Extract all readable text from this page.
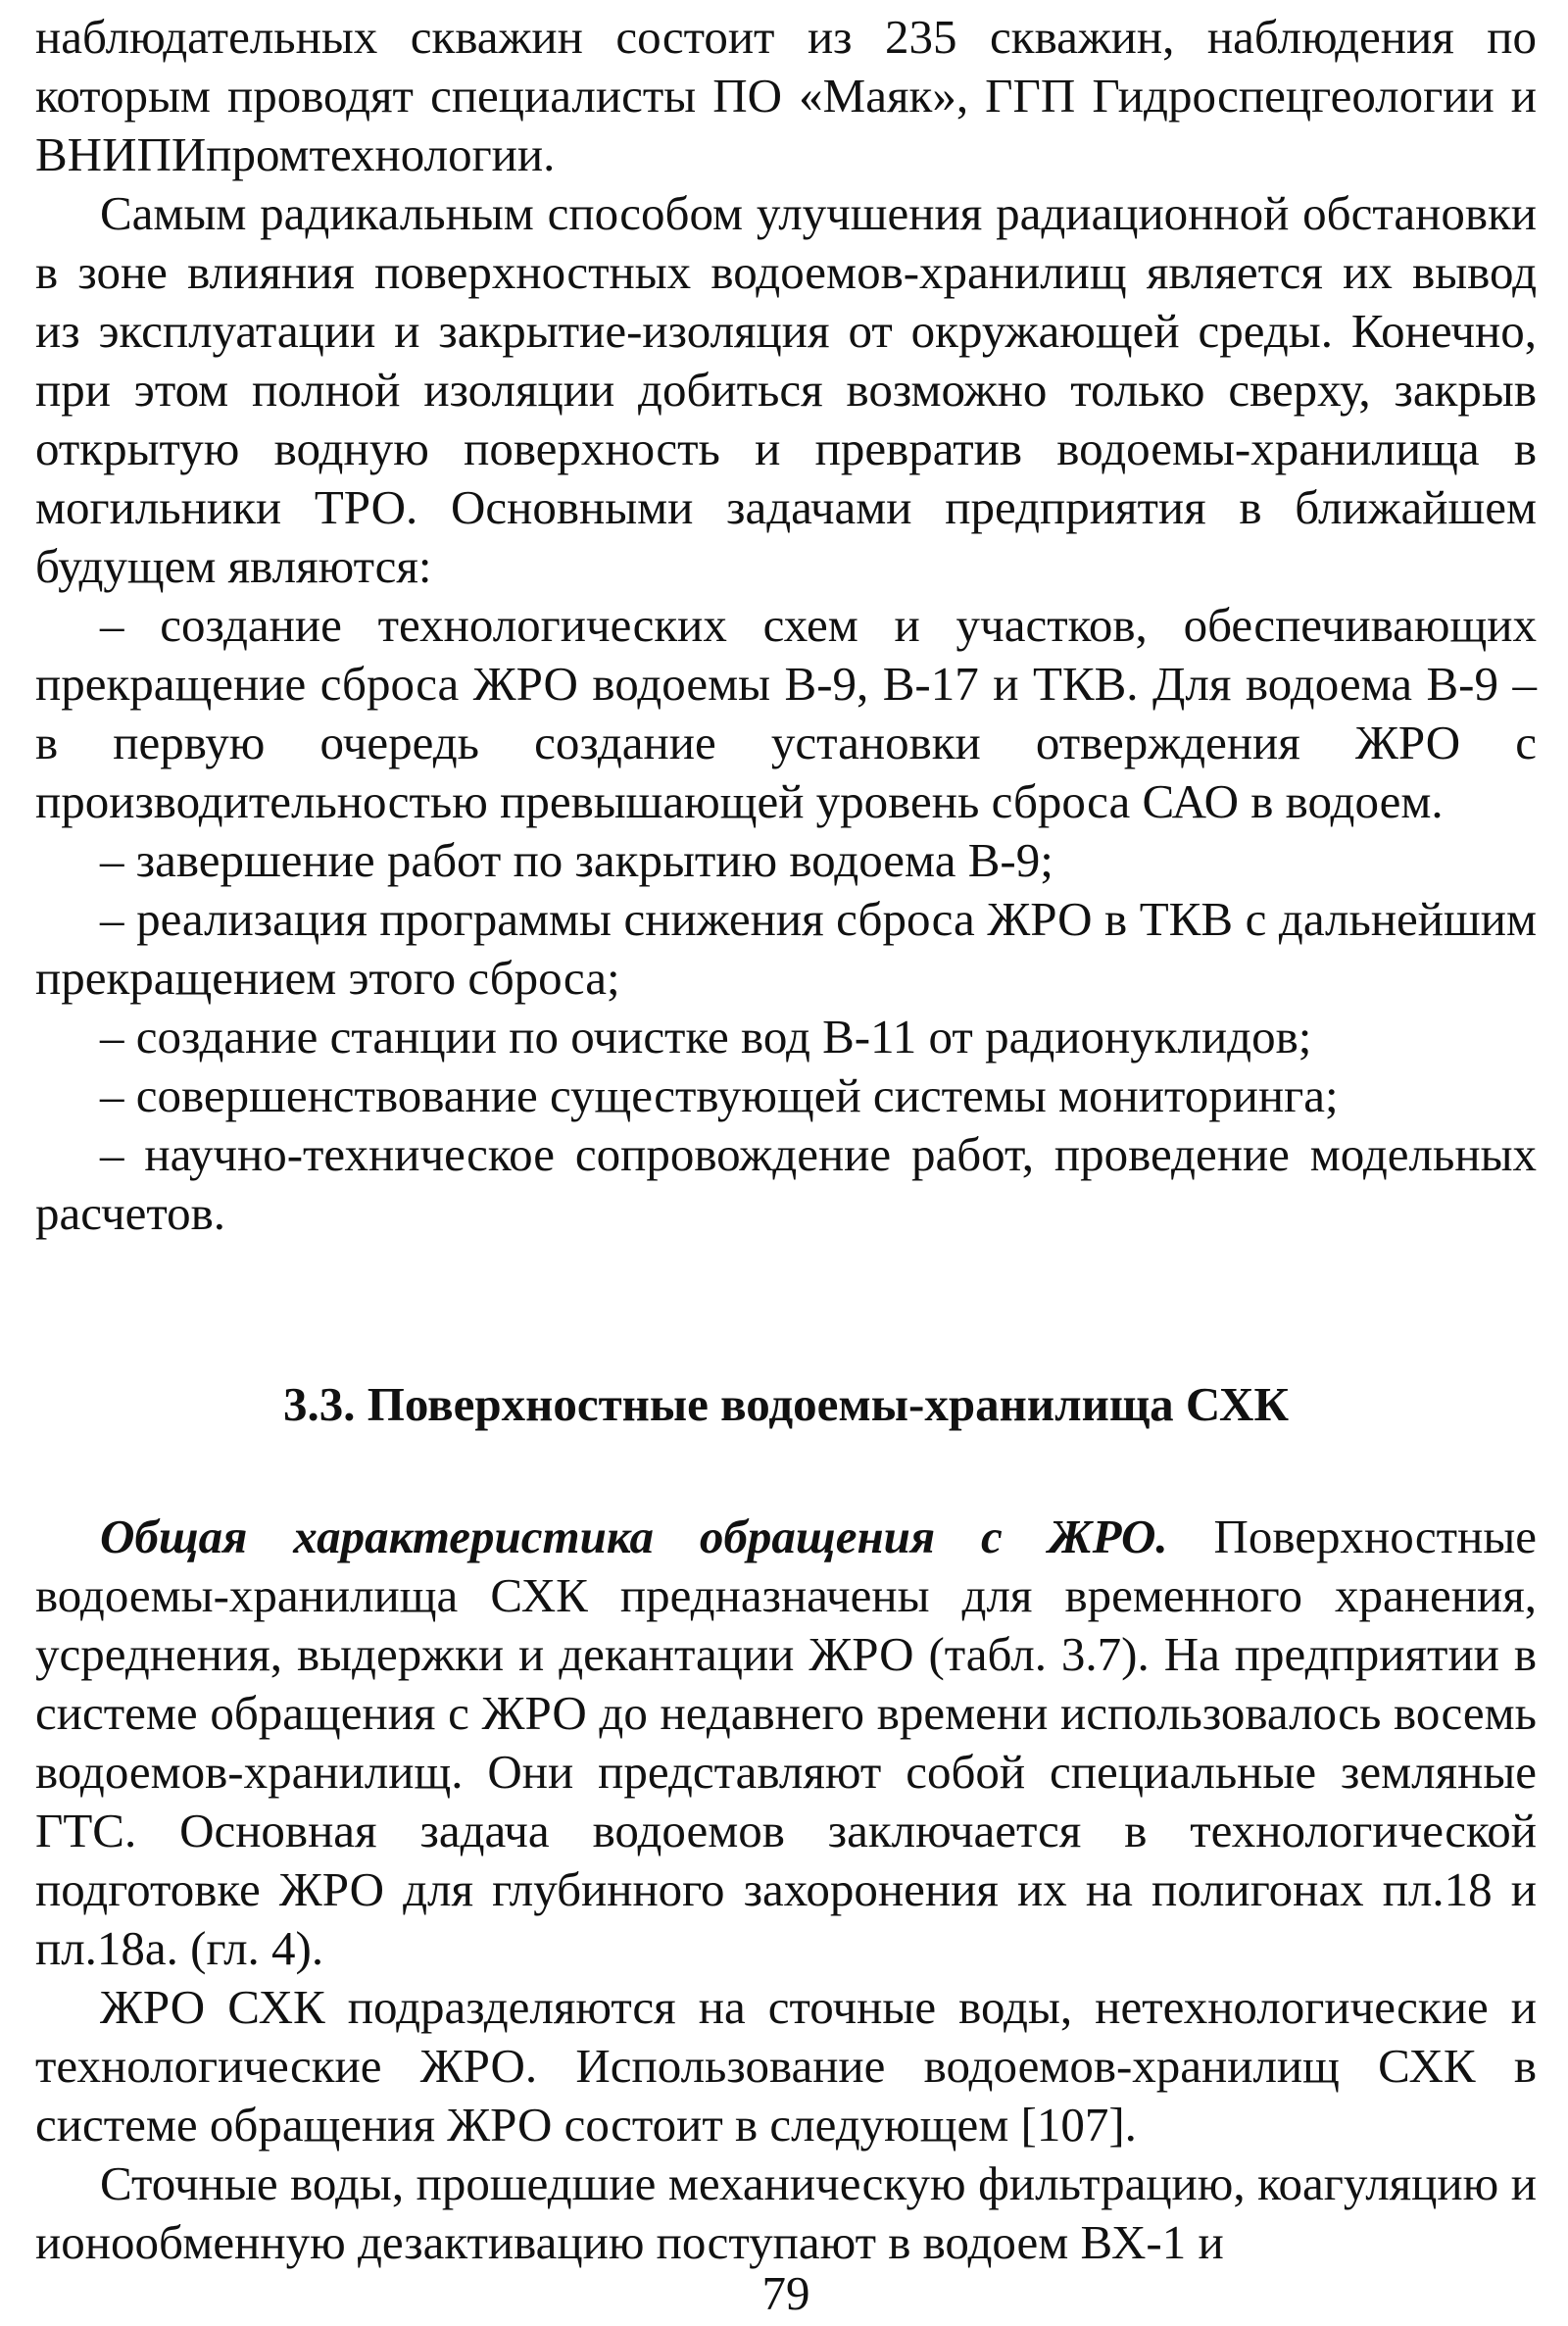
наблюдательных скважин состоит из 235 скважин, наблюдения по которым проводят специалисты ПО «Маяк», ГГП Гидроспецгеологии и ВНИПИпромтехнологии.

Самым радикальным способом улучшения радиационной обстановки в зоне влияния поверхностных водоемов-хранилищ является их вывод из эксплуатации и закрытие-изоляция от окружающей среды. Конечно, при этом полной изоляции добиться возможно только сверху, закрыв открытую водную поверхность и превратив водоемы-хранилища в могильники ТРО. Основными задачами предприятия в ближайшем будущем являются:

– создание технологических схем и участков, обеспечивающих прекращение сброса ЖРО водоемы В-9, В-17 и ТКВ. Для водоема В-9 – в первую очередь создание установки отверждения ЖРО с производительностью превышающей уровень сброса САО в водоем.

– завершение работ по закрытию водоема В-9;

– реализация программы снижения сброса ЖРО в ТКВ с дальнейшим прекращением этого сброса;

– создание станции по очистке вод В-11 от радионуклидов;

– совершенствование существующей системы мониторинга;

– научно-техническое сопровождение работ, проведение модельных расчетов.

3.3. Поверхностные водоемы-хранилища СХК

Общая характеристика обращения с ЖРО. Поверхностные водоемы-хранилища СХК предназначены для временного хранения, усреднения, выдержки и декантации ЖРО (табл. 3.7). На предприятии в системе обращения с ЖРО до недавнего времени использовалось восемь водоемов-хранилищ. Они представляют собой специальные земляные ГТС. Основная задача водоемов заключается в технологической подготовке ЖРО для глубинного захоронения их на полигонах пл.18 и пл.18а. (гл. 4).

ЖРО СХК подразделяются на сточные воды, нетехнологические и технологические ЖРО. Использование водоемов-хранилищ СХК в системе обращения ЖРО состоит в следующем [107].

Сточные воды, прошедшие механическую фильтрацию, коагуляцию и ионообменную дезактивацию поступают в водоем ВХ-1 и

79
